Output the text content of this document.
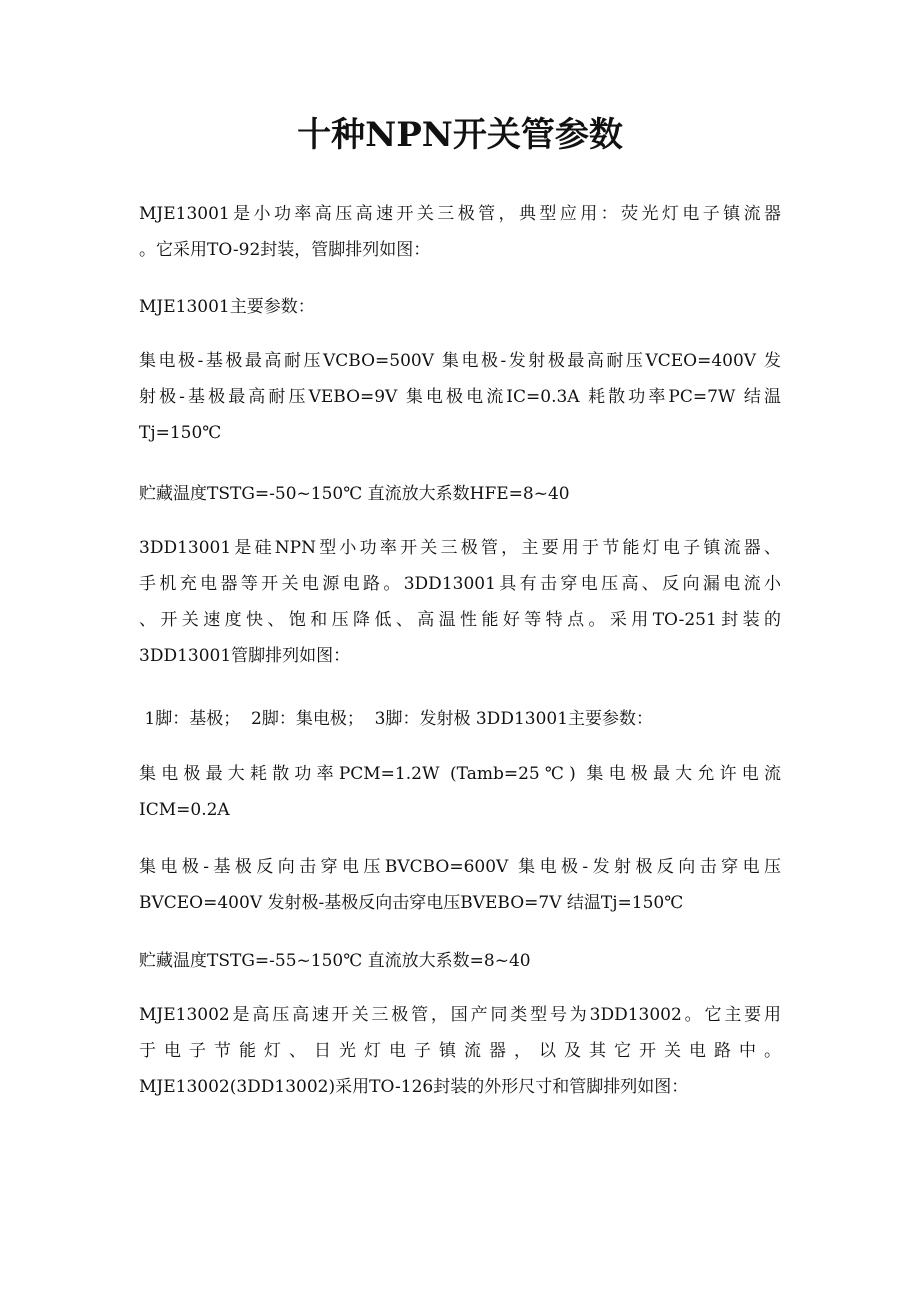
十种NPN开关管参数

MJE13001是小功率高压高速开关三极管，典型应用：荧光灯电子镇流器
。它采用TO-92封装，管脚排列如图：

MJE13001主要参数：

集电极-基极最高耐压VCBO=500V 集电极-发射极最高耐压VCEO=400V 发
射极-基极最高耐压VEBO=9V 集电极电流IC=0.3A 耗散功率PC=7W 结温
Tj=150℃

贮藏温度TSTG=-50~150℃ 直流放大系数HFE=8~40

3DD13001是硅NPN型小功率开关三极管，主要用于节能灯电子镇流器、
手机充电器等开关电源电路。3DD13001具有击穿电压高、反向漏电流小
、开关速度快、饱和压降低、高温性能好等特点。采用TO-251封装的
3DD13001管脚排列如图：

1脚：基极；  2脚：集电极；  3脚：发射极 3DD13001主要参数：

集电极最大耗散功率PCM=1.2W (Tamb=25℃) 集电极最大允许电流
ICM=0.2A

集电极-基极反向击穿电压BVCBO=600V 集电极-发射极反向击穿电压
BVCEO=400V 发射极-基极反向击穿电压BVEBO=7V 结温Tj=150℃

贮藏温度TSTG=-55~150℃ 直流放大系数=8~40

MJE13002是高压高速开关三极管，国产同类型号为3DD13002。它主要用
于电子节能灯、日光灯电子镇流器，以及其它开关电路中。
MJE13002(3DD13002)采用TO-126封装的外形尺寸和管脚排列如图：
